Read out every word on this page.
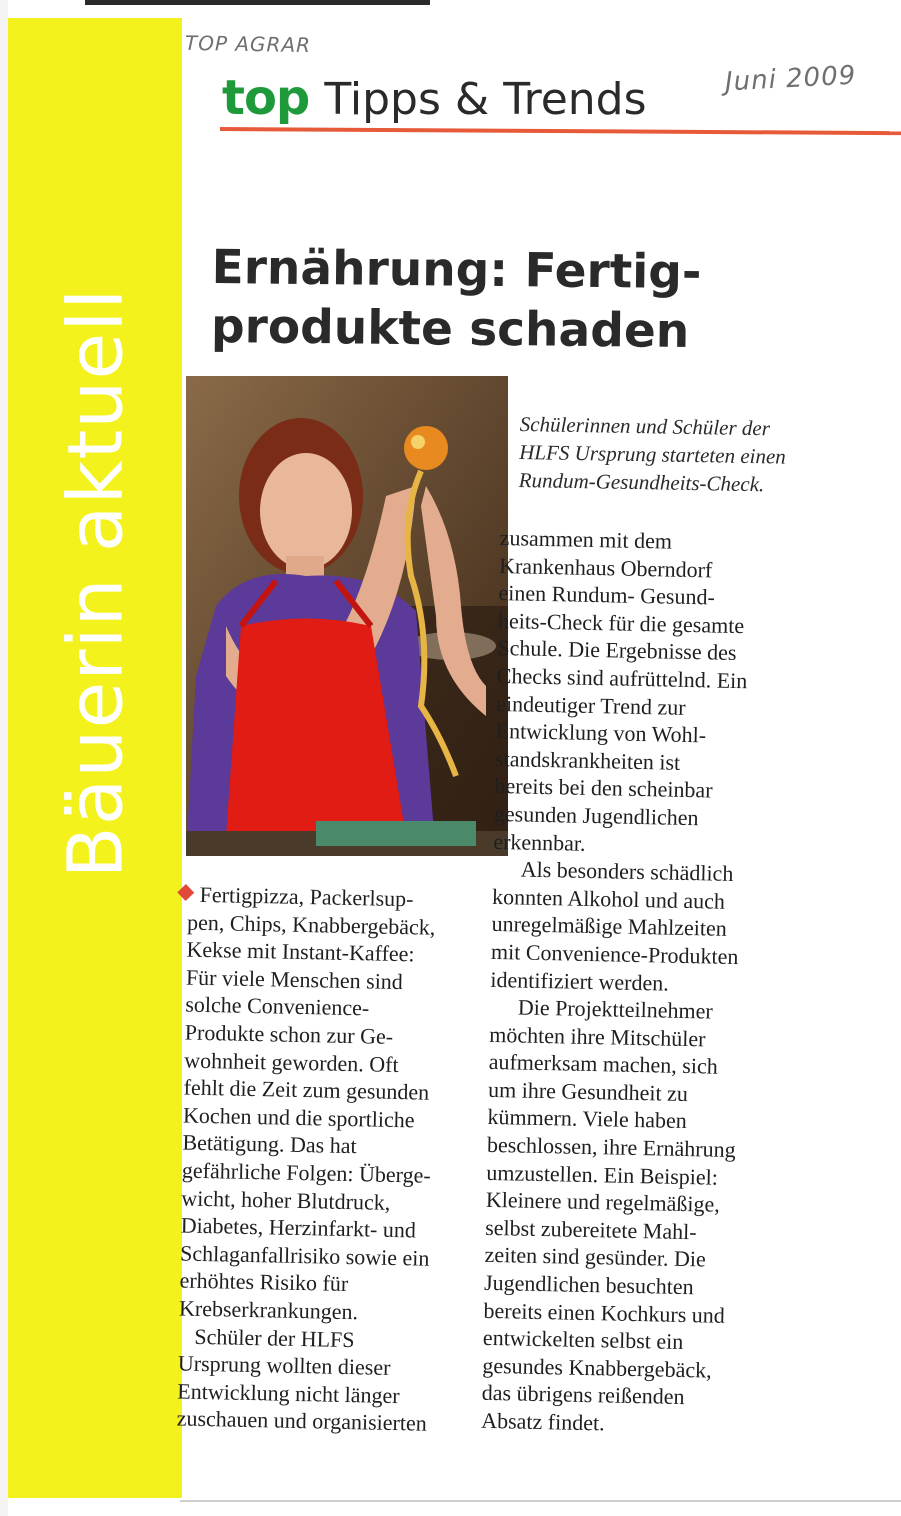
Bäuerin aktuell
TOP AGRAR
Juni 2009
top Tipps & Trends
Ernährung: Fertig-
produkte schaden
Schülerinnen und Schüler der
HLFS Ursprung starteten einen
Rundum-Gesundheits-Check.

Fertigpizza, Packerlsup-
pen, Chips, Knabbergebäck,
Kekse mit Instant-Kaffee:
Für viele Menschen sind
solche Convenience-
Produkte schon zur Ge-
wohnheit geworden. Oft
fehlt die Zeit zum gesunden
Kochen und die sportliche
Betätigung. Das hat
gefährliche Folgen: Überge-
wicht, hoher Blutdruck,
Diabetes, Herzinfarkt- und
Schlaganfallrisiko sowie ein
erhöhtes Risiko für
Krebserkrankungen.

Schüler der HLFS
Ursprung wollten dieser
Entwicklung nicht länger
zuschauen und organisierten

zusammen mit dem
Krankenhaus Oberndorf
einen Rundum- Gesund-
heits-Check für die gesamte
Schule. Die Ergebnisse des
Checks sind aufrüttelnd. Ein
eindeutiger Trend zur
Entwicklung von Wohl-
standskrankheiten ist
bereits bei den scheinbar
gesunden Jugendlichen
erkennbar.

Als besonders schädlich
konnten Alkohol und auch
unregelmäßige Mahlzeiten
mit Convenience-Produkten
identifiziert werden.

Die Projektteilnehmer
möchten ihre Mitschüler
aufmerksam machen, sich
um ihre Gesundheit zu
kümmern. Viele haben
beschlossen, ihre Ernährung
umzustellen. Ein Beispiel:
Kleinere und regelmäßige,
selbst zubereitete Mahl-
zeiten sind gesünder. Die
Jugendlichen besuchten
bereits einen Kochkurs und
entwickelten selbst ein
gesundes Knabbergebäck,
das übrigens reißenden
Absatz findet.
